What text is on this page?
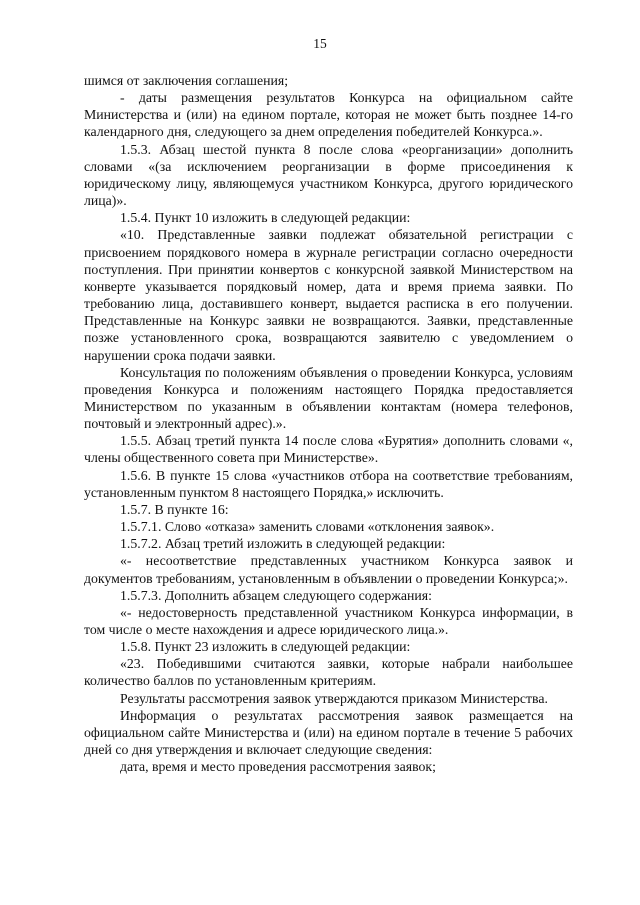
15

шимся от заключения соглашения;

- даты размещения результатов Конкурса на официальном сайте Министерства и (или) на едином портале, которая не может быть позднее 14-го календарного дня, следующего за днем определения победителей Конкурса.».

1.5.3. Абзац шестой пункта 8 после слова «реорганизации» дополнить словами «(за исключением реорганизации в форме присоединения к юридическому лицу, являющемуся участником Конкурса, другого юридического лица)».

1.5.4. Пункт 10 изложить в следующей редакции:

«10. Представленные заявки подлежат обязательной регистрации с присвоением порядкового номера в журнале регистрации согласно очередности поступления. При принятии конвертов с конкурсной заявкой Министерством на конверте указывается порядковый номер, дата и время приема заявки. По требованию лица, доставившего конверт, выдается расписка в его получении. Представленные на Конкурс заявки не возвращаются. Заявки, представленные позже установленного срока, возвращаются заявителю с уведомлением о нарушении срока подачи заявки.

Консультация по положениям объявления о проведении Конкурса, условиям проведения Конкурса и положениям настоящего Порядка предоставляется Министерством по указанным в объявлении контактам (номера телефонов, почтовый и электронный адрес).».

1.5.5. Абзац третий пункта 14 после слова «Бурятия» дополнить словами «, члены общественного совета при Министерстве».

1.5.6. В пункте 15 слова «участников отбора на соответствие требованиям, установленным пунктом 8 настоящего Порядка,» исключить.

1.5.7. В пункте 16:

1.5.7.1. Слово «отказа» заменить словами «отклонения заявок».

1.5.7.2. Абзац третий изложить в следующей редакции:

«- несоответствие представленных участником Конкурса заявок и документов требованиям, установленным в объявлении о проведении Конкурса;».

1.5.7.3. Дополнить абзацем следующего содержания:

«- недостоверность представленной участником Конкурса информации, в том числе о месте нахождения и адресе юридического лица.».

1.5.8. Пункт 23 изложить в следующей редакции:

«23. Победившими считаются заявки, которые набрали наибольшее количество баллов по установленным критериям.

Результаты рассмотрения заявок утверждаются приказом Министерства.

Информация о результатах рассмотрения заявок размещается на официальном сайте Министерства и (или) на едином портале в течение 5 рабочих дней со дня утверждения и включает следующие сведения:

дата, время и место проведения рассмотрения заявок;
